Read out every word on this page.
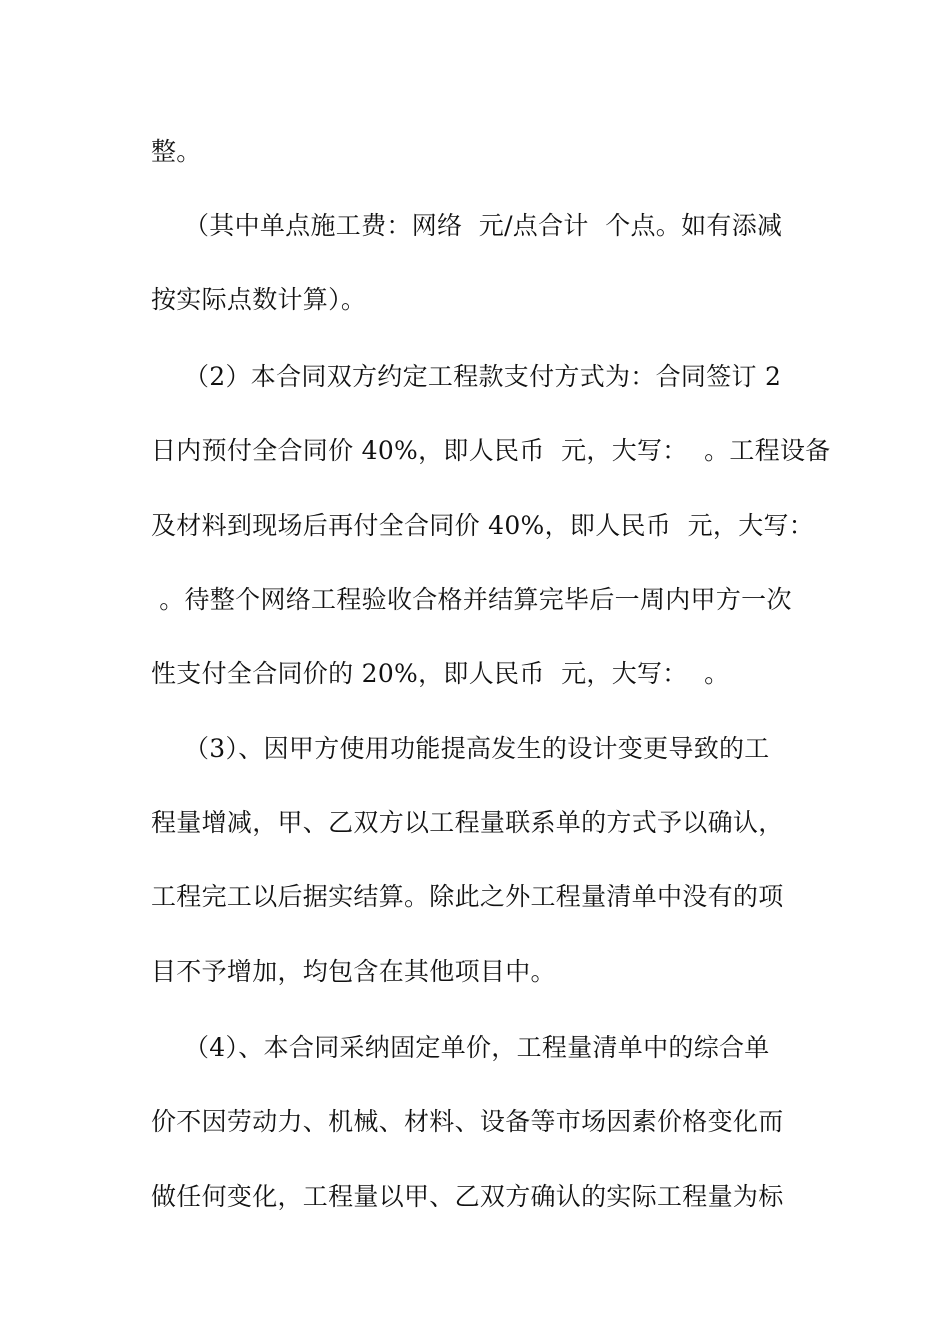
整。
（其中单点施工费：网络  元/点合计  个点。如有添减
按实际点数计算）。
（2）本合同双方约定工程款支付方式为：合同签订 2
日内预付全合同价 40%，即人民币  元，大写：  。工程设备
及材料到现场后再付全合同价 40%，即人民币  元，大写：
。待整个网络工程验收合格并结算完毕后一周内甲方一次
性支付全合同价的 20%，即人民币  元，大写：  。
（3）、因甲方使用功能提高发生的设计变更导致的工
程量增减，甲、乙双方以工程量联系单的方式予以确认，
工程完工以后据实结算。除此之外工程量清单中没有的项
目不予增加，均包含在其他项目中。
（4）、本合同采纳固定单价，工程量清单中的综合单
价不因劳动力、机械、材料、设备等市场因素价格变化而
做任何变化，工程量以甲、乙双方确认的实际工程量为标
